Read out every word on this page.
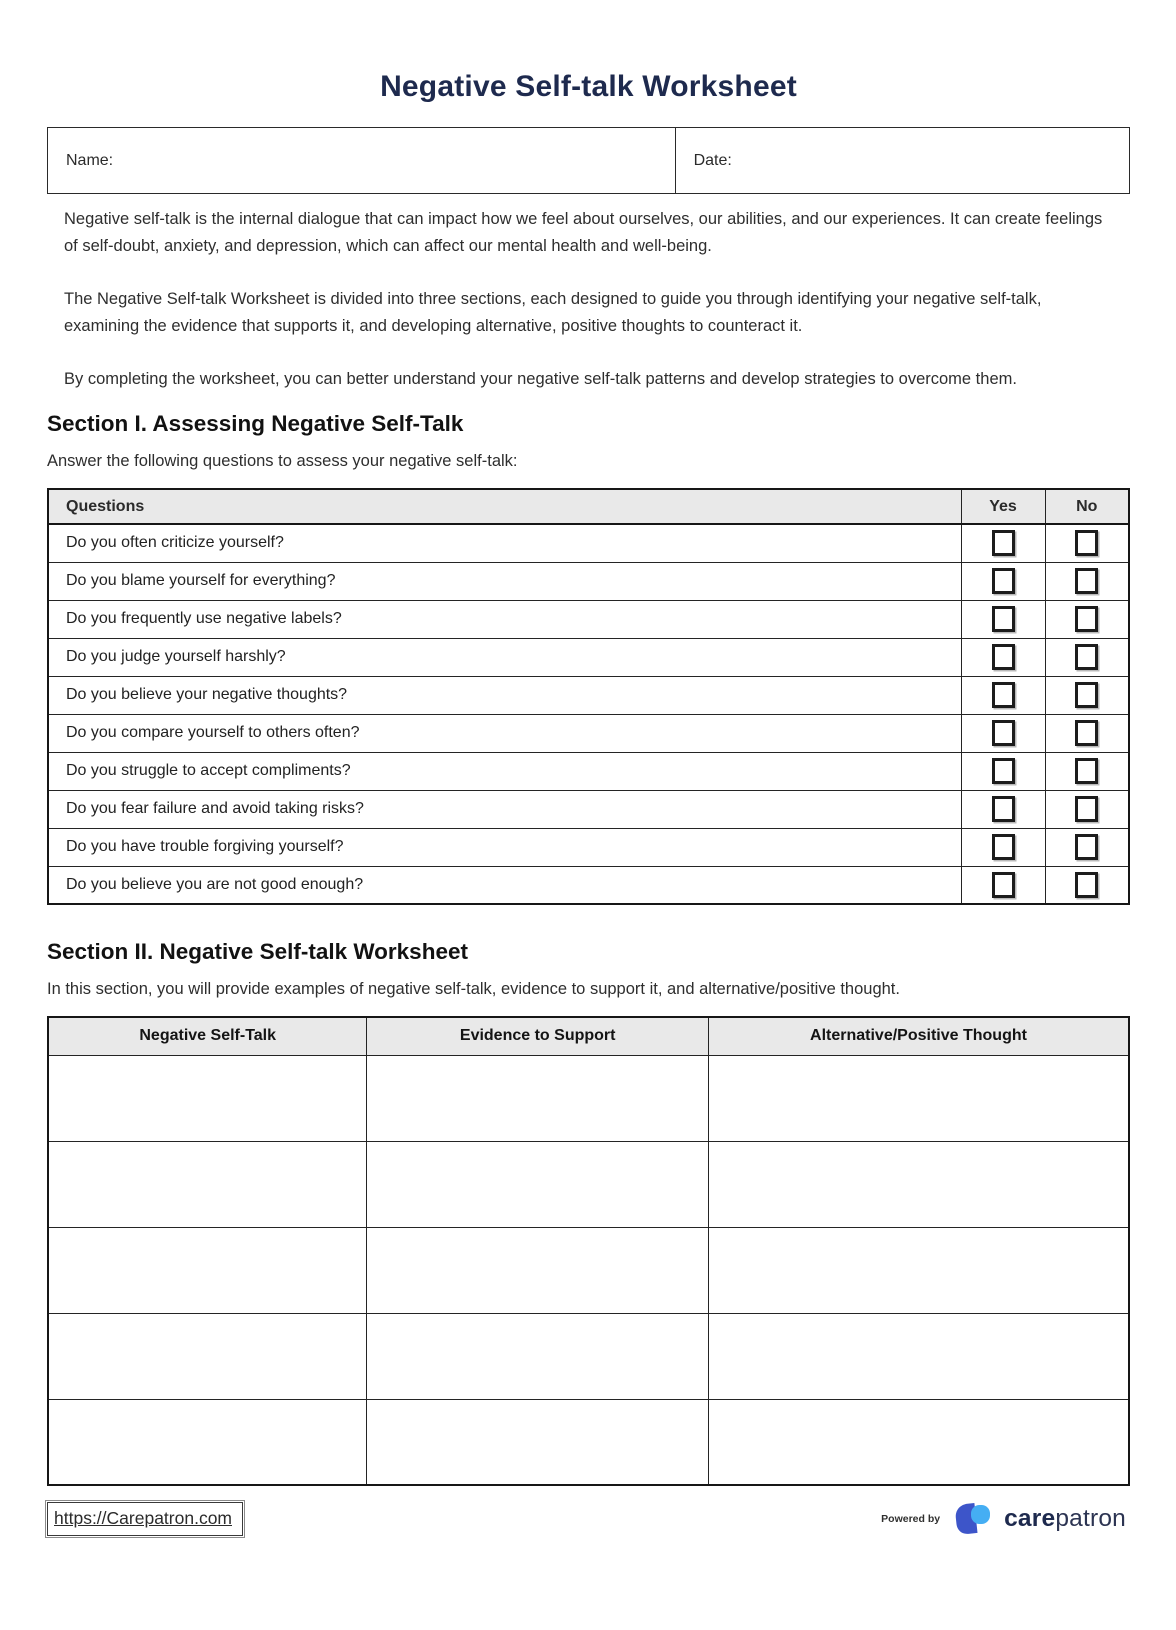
Negative Self-talk Worksheet
Name:	Date:

Negative self-talk is the internal dialogue that can impact how we feel about ourselves, our abilities, and our experiences. It can create feelings of self-doubt, anxiety, and depression, which can affect our mental health and well-being.

The Negative Self-talk Worksheet is divided into three sections, each designed to guide you through identifying your negative self-talk, examining the evidence that supports it, and developing alternative, positive thoughts to counteract it.

By completing the worksheet, you can better understand your negative self-talk patterns and develop strategies to overcome them.

Section I. Assessing Negative Self-Talk

Answer the following questions to assess your negative self-talk:

Questions	Yes	No
Do you often criticize yourself?		
Do you blame yourself for everything?		
Do you frequently use negative labels?		
Do you judge yourself harshly?		
Do you believe your negative thoughts?		
Do you compare yourself to others often?		
Do you struggle to accept compliments?		
Do you fear failure and avoid taking risks?		
Do you have trouble forgiving yourself?		
Do you believe you are not good enough?		
Section II. Negative Self-talk Worksheet

In this section, you will provide examples of negative self-talk, evidence to support it, and alternative/positive thought.

Negative Self-Talk	Evidence to Support	Alternative/Positive Thought

https://Carepatron.com	Powered by	carepatron
